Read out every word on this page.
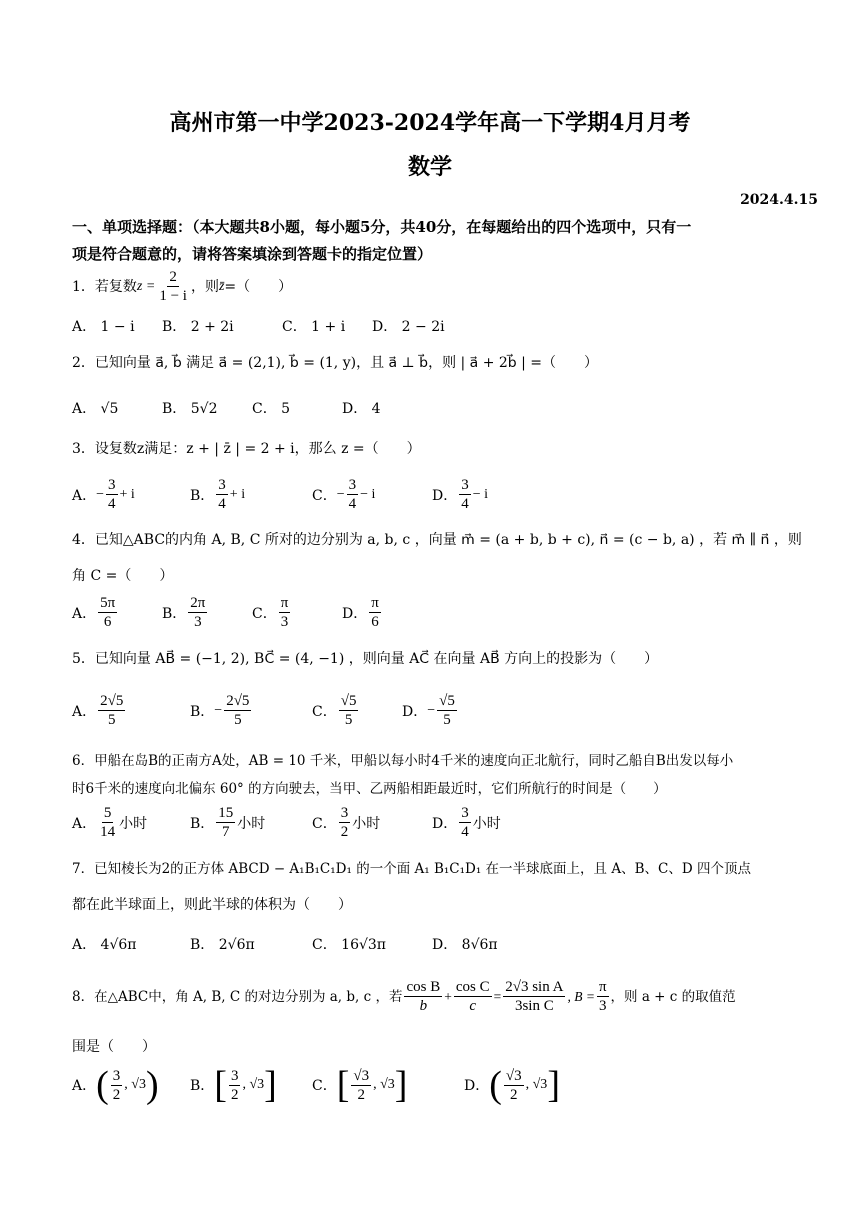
高州市第一中学2023-2024学年高一下学期4月月考
数学
2024.4.15
一、单项选择题：（本大题共8小题，每小题5分，共40分，在每题给出的四个选项中，只有一
项是符合题意的，请将答案填涂到答题卡的指定位置）
1．若复数 $z = \frac{2}{1 - i}$ ，则 z̄ =（　　）
A． 1 − i B． 2 + 2i	C． 1 + i D． 2 − 2i
2．已知向量 a⃗, b⃗ 满足 a⃗ = (2,1), b⃗ = (1, y)，且 a⃗ ⊥ b⃗，则 | a⃗ + 2b⃗ | =（　　）
A． √5	B． 5√2 C． 5	D． 4
3．设复数z满足：z + | z̄ | = 2 + i，那么 z =（　　）
A． − $\frac{3}{4} + i$	B． $\frac{3}{4} + i$	C． − $\frac{3}{4} - i$	D． $\frac{3}{4} - i$
4．已知△ABC的内角 A, B, C 所对的边分别为 a, b, c ，向量 m⃗ = (a + b, b + c), n⃗ = (c − b, a) ，若 m⃗ ∥ n⃗ ，则
角 C =（　　）
A． $\frac{5\pi}{6}$	B． $\frac{2\pi}{3}$	C． $\frac{\pi}{3}$	D． $\frac{\pi}{6}$
5．已知向量 AB⃗ = (−1, 2), BC⃗ = (4, −1) ，则向量 AC⃗ 在向量 AB⃗ 方向上的投影为（　　）
A． $\frac{2√5}{5}$	B． − $\frac{2√5}{5}$	C． $\frac{√5}{5}$	D． − $\frac{√5}{5}$
6．甲船在岛B的正南方A处，AB = 10 千米，甲船以每小时4千米的速度向正北航行，同时乙船自B出发以每小
时6千米的速度向北偏东 60° 的方向驶去，当甲、乙两船相距最近时，它们所航行的时间是（　　）
A． $\frac{5}{14}$ 小时	B． $\frac{15}{7}$ 小时	C． $\frac{3}{2}$ 小时	D． $\frac{3}{4}$ 小时
7．已知棱长为2的正方体 ABCD − A₁B₁C₁D₁ 的一个面 A₁ B₁C₁D₁ 在一半球底面上，且 A、B、C、D 四个顶点
都在此半球面上，则此半球的体积为（　　）
A． 4√6π	B． 2√6π	C． 16√3π	D． 8√6π
8．在△ABC中，角 A, B, C 的对边分别为 a, b, c ，若 $\frac{\text{cos B}}{b} + \frac{\text{cos C}}{c} = \frac{\text{2√3 sin A}}{\text{3sin C}}$ , $B = \frac{\pi}{3}$ ，则 a + c 的取值范
围是（　　）
A． ( $\frac{3}{2}$ , √3 ) B． [ $\frac{3}{2}$ , √3 ]	C． [ $\frac{√3}{2}$ , √3 ]	D． ( $\frac{√3}{2}$ , √3 ]
